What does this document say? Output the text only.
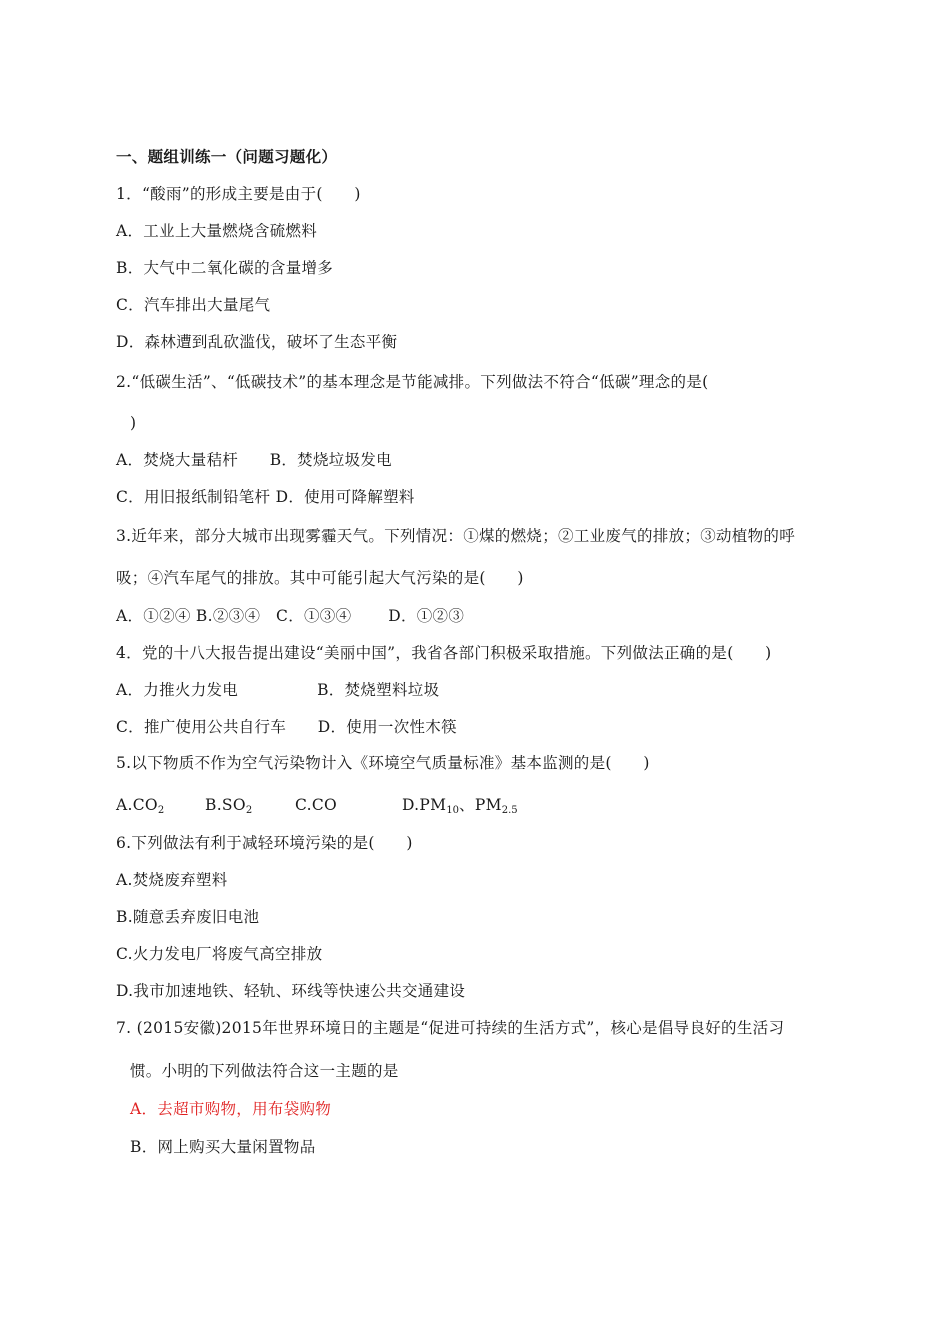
一、题组训练一（问题习题化）
1．“酸雨”的形成主要是由于(　　)
A．工业上大量燃烧含硫燃料
B．大气中二氧化碳的含量增多
C．汽车排出大量尾气
D．森林遭到乱砍滥伐，破坏了生态平衡
2.“低碳生活”、“低碳技术”的基本理念是节能减排。下列做法不符合“低碳”理念的是(
)
A．焚烧大量秸杆　　B．焚烧垃圾发电
C．用旧报纸制铅笔杆 D．使用可降解塑料
3.近年来，部分大城市出现雾霾天气。下列情况：①煤的燃烧；②工业废气的排放；③动植物的呼
吸；④汽车尾气的排放。其中可能引起大气污染的是(　　)
A．①②④ B.②③④　C．①③④　　 D．①②③
4．党的十八大报告提出建设“美丽中国”，我省各部门积极采取措施。下列做法正确的是(　　)
A．力推火力发电　　　　　B．焚烧塑料垃圾
C．推广使用公共自行车　　D．使用一次性木筷
5.以下物质不作为空气污染物计入《环境空气质量标准》基本监测的是(　　)
$A.CO_2$	$B.SO_2$	C.CO	$D.PM_{10}$、$PM_{2.5}$
6.下列做法有利于减轻环境污染的是(　　)
A.焚烧废弃塑料
B.随意丢弃废旧电池
C.火力发电厂将废气高空排放
D.我市加速地铁、轻轨、环线等快速公共交通建设
7. (2015安徽)2015年世界环境日的主题是“促进可持续的生活方式”，核心是倡导良好的生活习
惯。小明的下列做法符合这一主题的是
A．去超市购物，用布袋购物
B．网上购买大量闲置物品
